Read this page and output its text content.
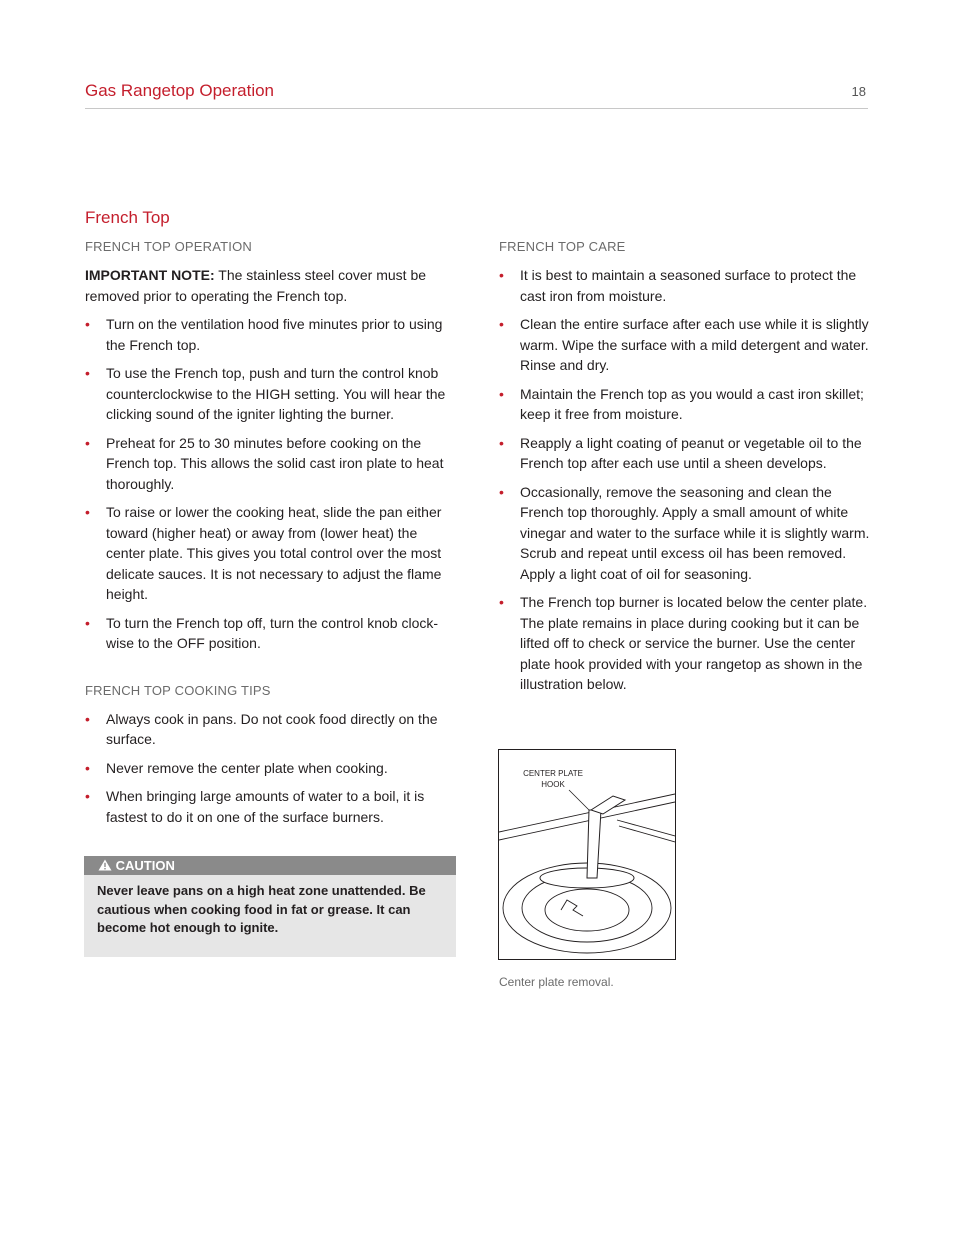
Gas Rangetop Operation	18
French Top
FRENCH TOP OPERATION

IMPORTANT NOTE: The stainless steel cover must be removed prior to operating the French top.

• Turn on the ventilation hood five minutes prior to using the French top.
• To use the French top, push and turn the control knob counterclockwise to the HIGH setting. You will hear the clicking sound of the igniter lighting the burner.
• Preheat for 25 to 30 minutes before cooking on the French top. This allows the solid cast iron plate to heat thoroughly.
• To raise or lower the cooking heat, slide the pan either toward (higher heat) or away from (lower heat) the center plate. This gives you total control over the most delicate sauces. It is not necessary to adjust the flame height.
• To turn the French top off, turn the control knob clock-wise to the OFF position.
FRENCH TOP COOKING TIPS
• Always cook in pans. Do not cook food directly on the surface.
• Never remove the center plate when cooking.
• When bringing large amounts of water to a boil, it is fastest to do it on one of the surface burners.
CAUTION
Never leave pans on a high heat zone unattended. Be cautious when cooking food in fat or grease. It can become hot enough to ignite.
FRENCH TOP CARE
• It is best to maintain a seasoned surface to protect the cast iron from moisture.
• Clean the entire surface after each use while it is slightly warm. Wipe the surface with a mild detergent and water. Rinse and dry.
• Maintain the French top as you would a cast iron skillet; keep it free from moisture.
• Reapply a light coating of peanut or vegetable oil to the French top after each use until a sheen develops.
• Occasionally, remove the seasoning and clean the French top thoroughly. Apply a small amount of white vinegar and water to the surface while it is slightly warm. Scrub and repeat until excess oil has been removed. Apply a light coat of oil for seasoning.
• The French top burner is located below the center plate. The plate remains in place during cooking but it can be lifted off to check or service the burner. Use the center plate hook provided with your rangetop as shown in the illustration below.
CENTER PLATE
HOOK
Center plate removal.
